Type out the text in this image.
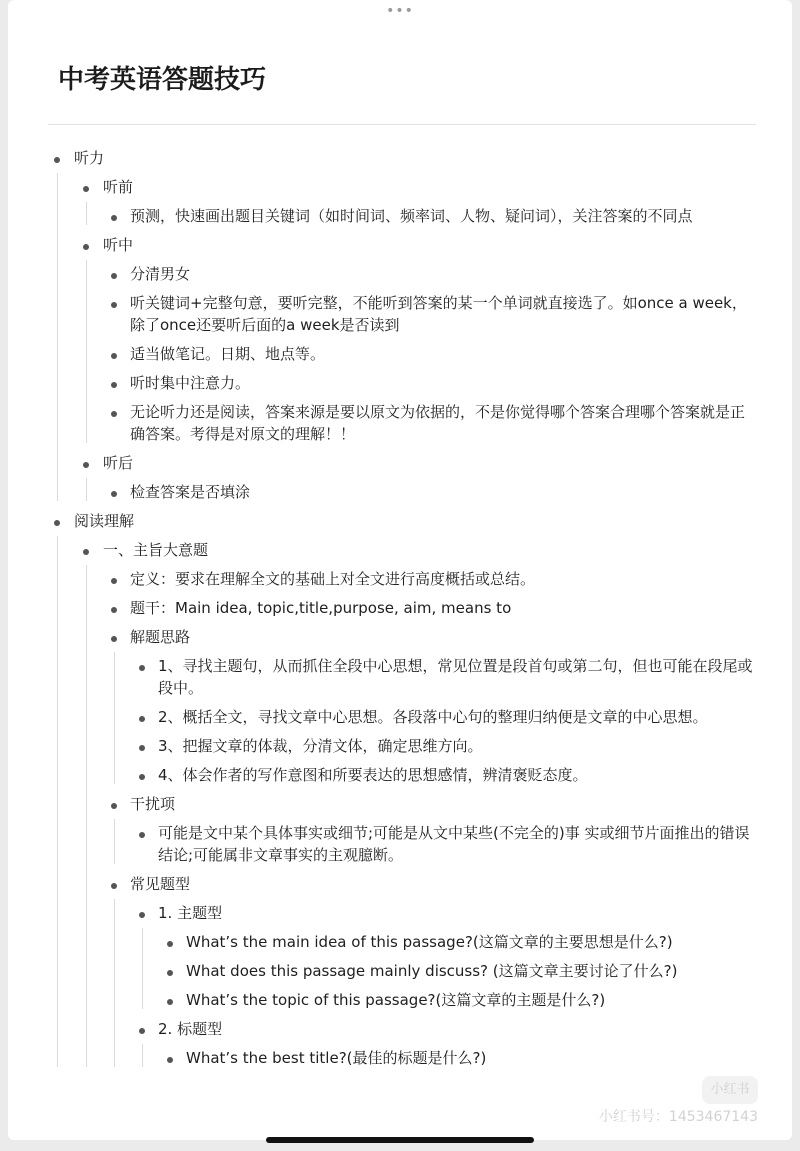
•••
中考英语答题技巧
听力
听前
预测，快速画出题目关键词（如时间词、频率词、人物、疑问词），关注答案的不同点
听中
分清男女
听关键词+完整句意，要听完整，不能听到答案的某一个单词就直接选了。如once a week，除了once还要听后面的a week是否读到
适当做笔记。日期、地点等。
听时集中注意力。
无论听力还是阅读，答案来源是要以原文为依据的，不是你觉得哪个答案合理哪个答案就是正确答案。考得是对原文的理解！！
听后
检查答案是否填涂
阅读理解
一、主旨大意题
定义：要求在理解全文的基础上对全文进行高度概括或总结。
题干：Main idea, topic,title,purpose, aim, means to
解题思路
1、寻找主题句，从而抓住全段中心思想，常见位置是段首句或第二句，但也可能在段尾或段中。
2、概括全文，寻找文章中心思想。各段落中心句的整理归纳便是文章的中心思想。
3、把握文章的体裁，分清文体，确定思维方向。
4、体会作者的写作意图和所要表达的思想感情，辨清褒贬态度。
干扰项
可能是文中某个具体事实或细节;可能是从文中某些(不完全的)事 实或细节片面推出的错误结论;可能属非文章事实的主观臆断。
常见题型
1. 主题型
What’s the main idea of this passage?(这篇文章的主要思想是什么?)
What does this passage mainly discuss? (这篇文章主要讨论了什么?)
What’s the topic of this passage?(这篇文章的主题是什么?)
2. 标题型
What’s the best title?(最佳的标题是什么?)
小红书
小红书号：1453467143
